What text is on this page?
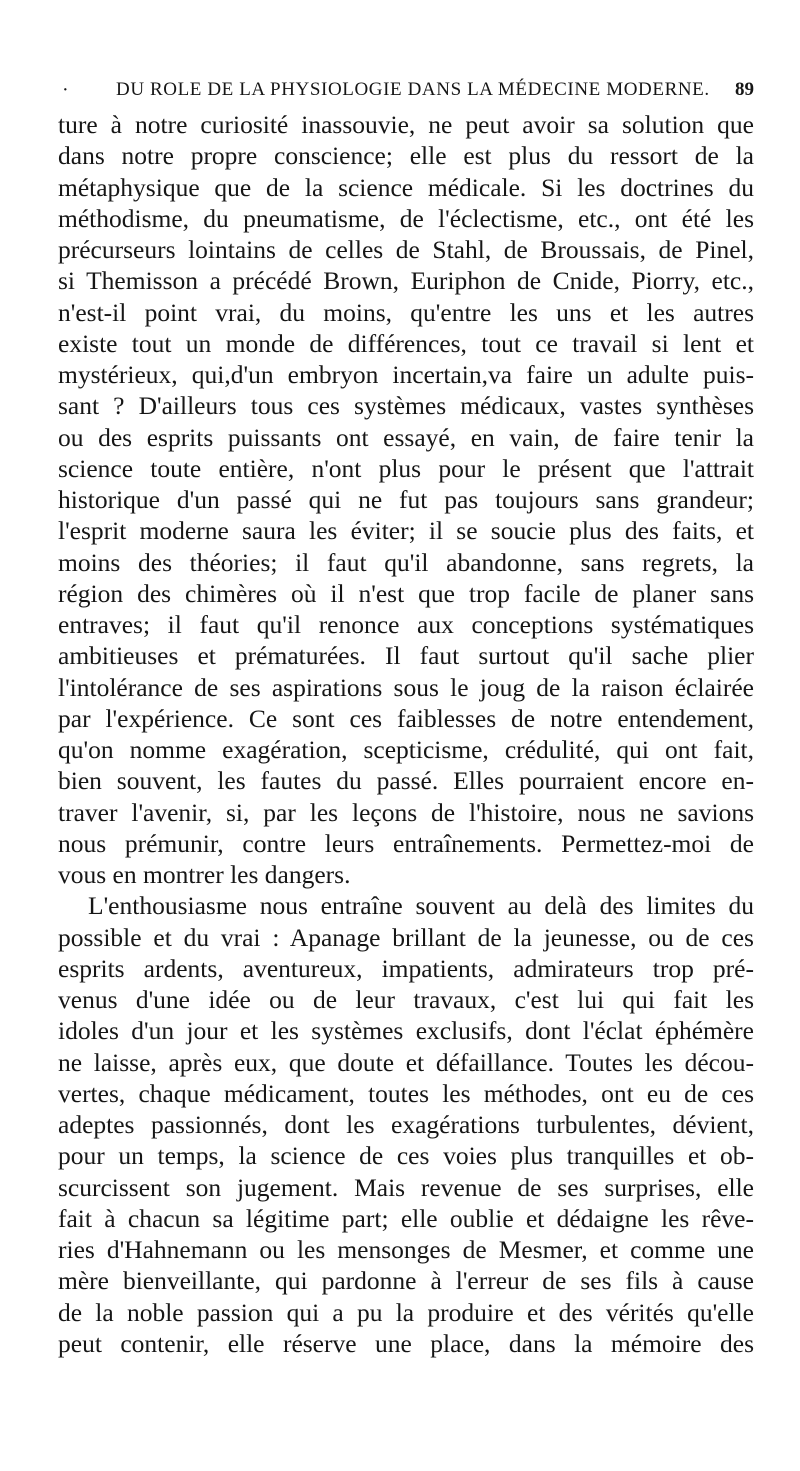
· DU ROLE DE LA PHYSIOLOGIE DANS LA MÉDECINE MODERNE. 89
ture à notre curiosité inassouvie, ne peut avoir sa solution que
dans notre propre conscience; elle est plus du ressort de la
métaphysique que de la science médicale. Si les doctrines du
méthodisme, du pneumatisme, de l'éclectisme, etc., ont été les
précurseurs lointains de celles de Stahl, de Broussais, de Pinel,
si Themisson a précédé Brown, Euriphon de Cnide, Piorry, etc.,
n'est-il point vrai, du moins, qu'entre les uns et les autres
existe tout un monde de différences, tout ce travail si lent et
mystérieux, qui,d'un embryon incertain,va faire un adulte puis-
sant ? D'ailleurs tous ces systèmes médicaux, vastes synthèses
ou des esprits puissants ont essayé, en vain, de faire tenir la
science toute entière, n'ont plus pour le présent que l'attrait
historique d'un passé qui ne fut pas toujours sans grandeur;
l'esprit moderne saura les éviter; il se soucie plus des faits, et
moins des théories; il faut qu'il abandonne, sans regrets, la
région des chimères où il n'est que trop facile de planer sans
entraves; il faut qu'il renonce aux conceptions systématiques
ambitieuses et prématurées. Il faut surtout qu'il sache plier
l'intolérance de ses aspirations sous le joug de la raison éclairée
par l'expérience. Ce sont ces faiblesses de notre entendement,
qu'on nomme exagération, scepticisme, crédulité, qui ont fait,
bien souvent, les fautes du passé. Elles pourraient encore en-
traver l'avenir, si, par les leçons de l'histoire, nous ne savions
nous prémunir, contre leurs entraînements. Permettez-moi de
vous en montrer les dangers.
L'enthousiasme nous entraîne souvent au delà des limites du
possible et du vrai : Apanage brillant de la jeunesse, ou de ces
esprits ardents, aventureux, impatients, admirateurs trop pré-
venus d'une idée ou de leur travaux, c'est lui qui fait les
idoles d'un jour et les systèmes exclusifs, dont l'éclat éphémère
ne laisse, après eux, que doute et défaillance. Toutes les décou-
vertes, chaque médicament, toutes les méthodes, ont eu de ces
adeptes passionnés, dont les exagérations turbulentes, dévient,
pour un temps, la science de ces voies plus tranquilles et ob-
scurcissent son jugement. Mais revenue de ses surprises, elle
fait à chacun sa légitime part; elle oublie et dédaigne les rêve-
ries d'Hahnemann ou les mensonges de Mesmer, et comme une
mère bienveillante, qui pardonne à l'erreur de ses fils à cause
de la noble passion qui a pu la produire et des vérités qu'elle
peut contenir, elle réserve une place, dans la mémoire des
